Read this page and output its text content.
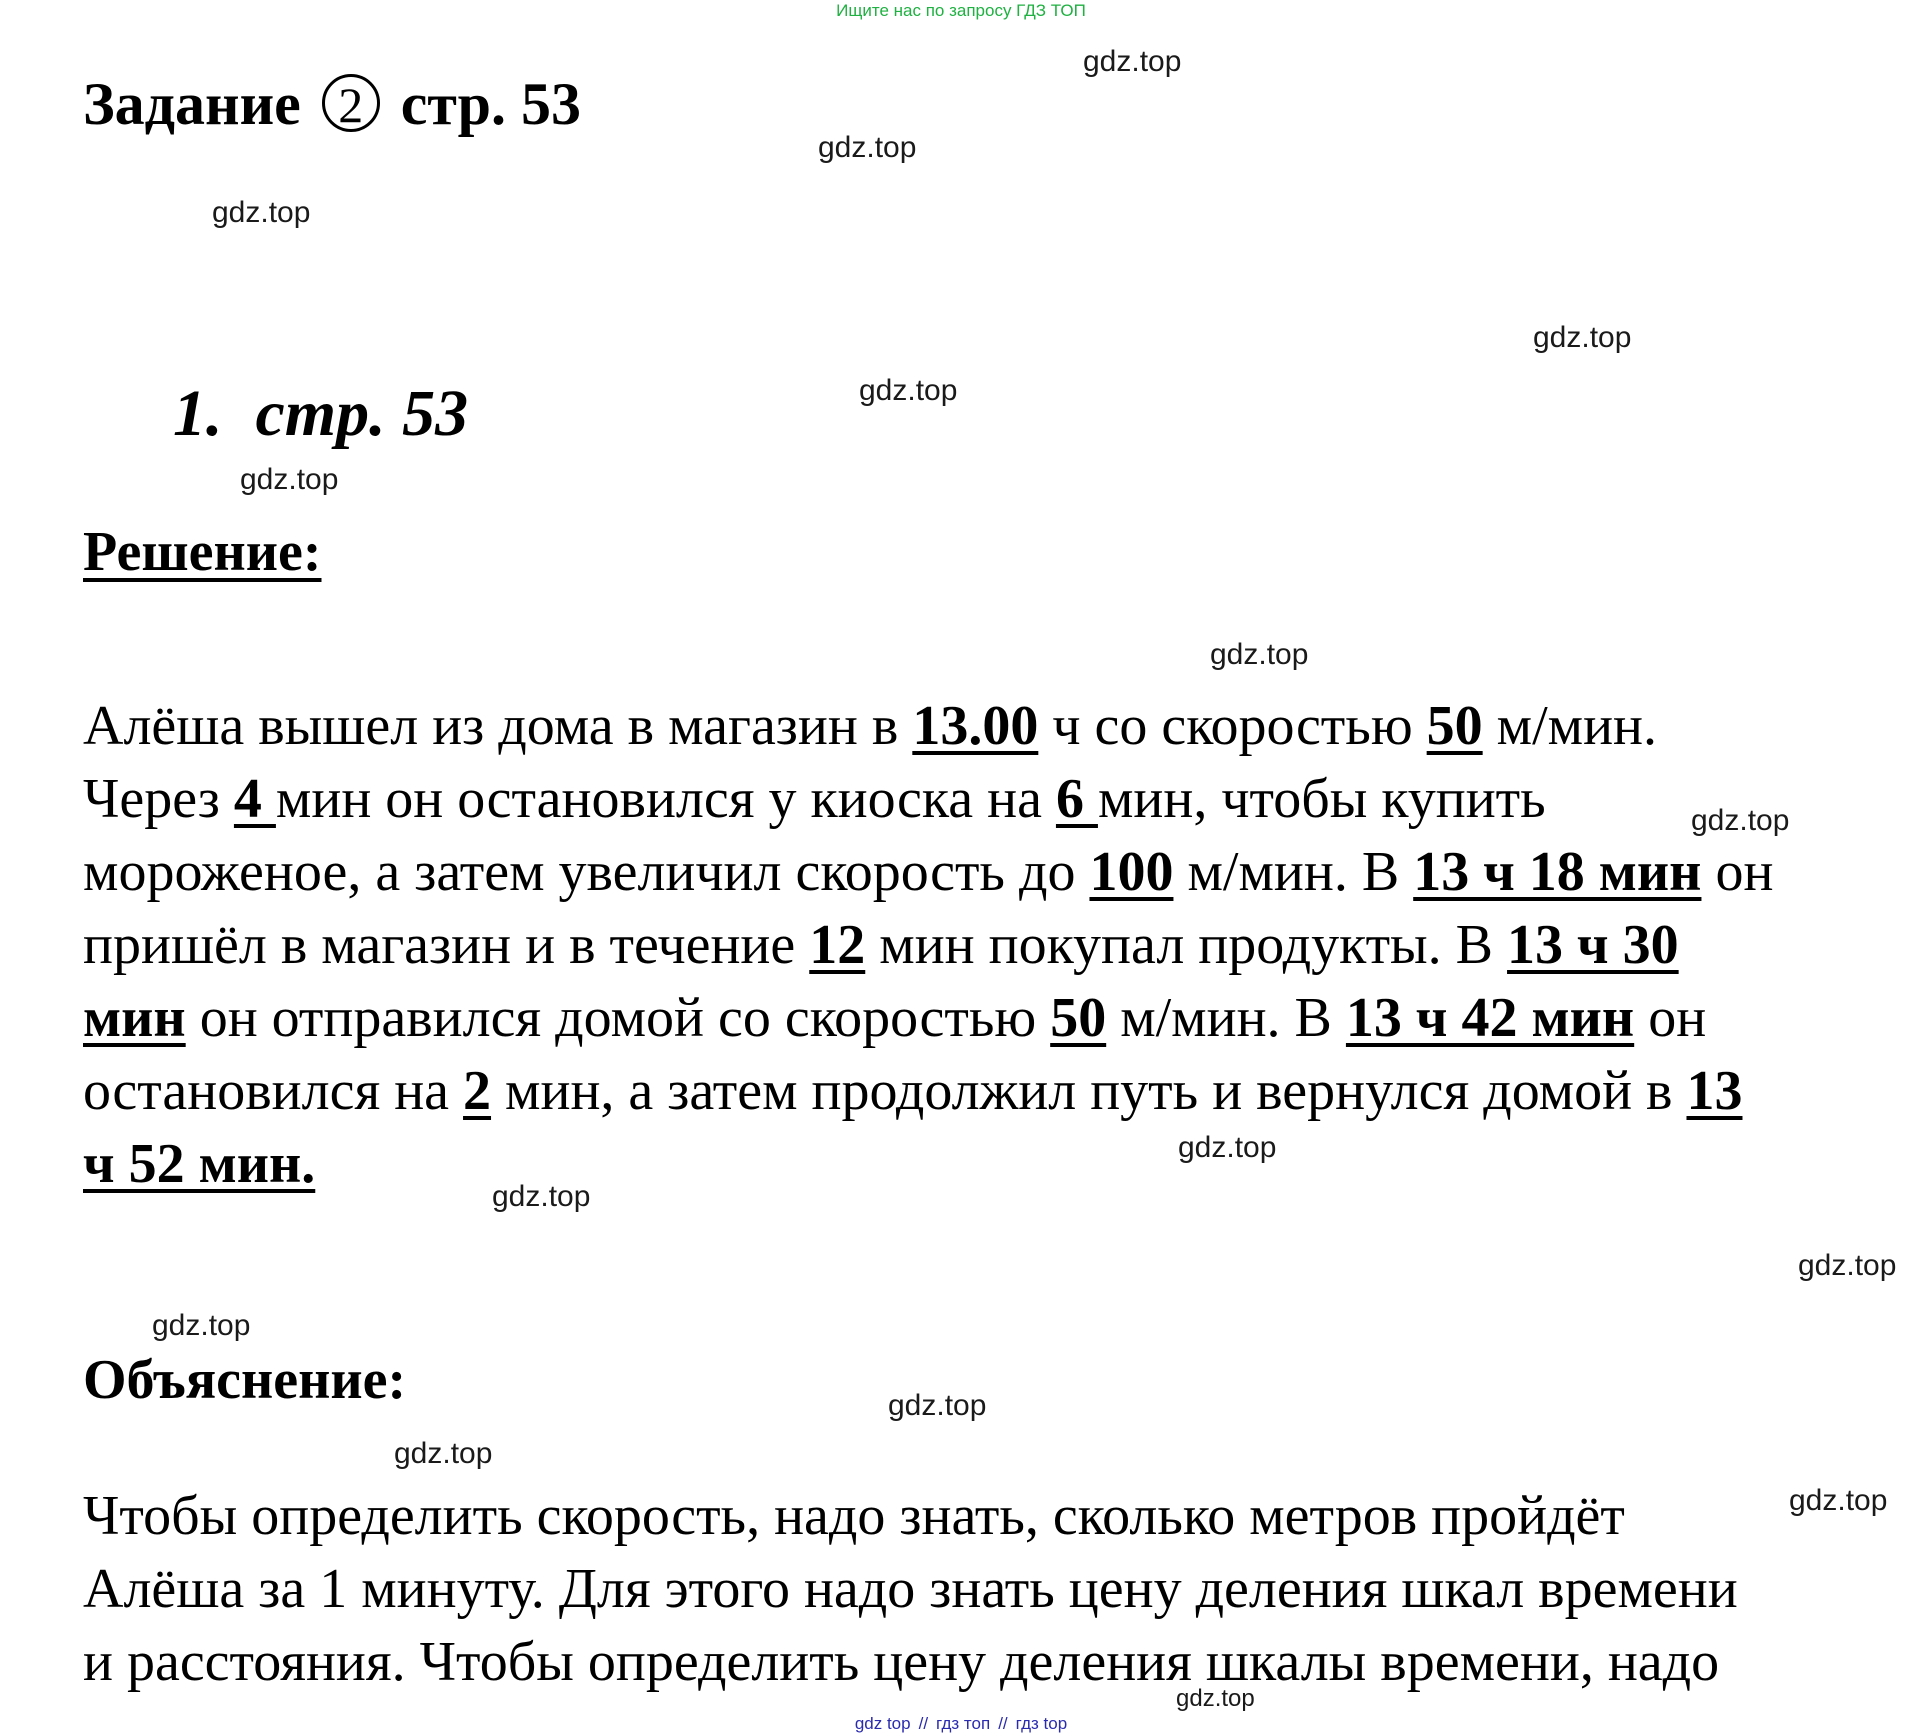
Ищите нас по запросу ГДЗ ТОП
Задание 2 стр. 53
1. стр. 53
Решение:
Алёша вышел из дома в магазин в 13.00 ч со скоростью 50 м/мин.
Через 4 мин он остановился у киоска на 6 мин, чтобы купить
мороженое, а затем увеличил скорость до 100 м/мин. В 13 ч 18 мин он
пришёл в магазин и в течение 12 мин покупал продукты. В 13 ч 30
мин он отправился домой со скоростью 50 м/мин. В 13 ч 42 мин он
остановился на 2 мин, а затем продолжил путь и вернулся домой в 13
ч 52 мин.
Объяснение:
Чтобы определить скорость, надо знать, сколько метров пройдёт
Алёша за 1 минуту. Для этого надо знать цену деления шкал времени
и расстояния. Чтобы определить цену деления шкалы времени, надо
gdz.top
gdz.top
gdz.top
gdz.top
gdz.top
gdz.top
gdz.top
gdz.top
gdz.top
gdz.top
gdz.top
gdz.top
gdz.top
gdz.top
gdz.top
gdz.top
gdz top // гдз топ // гдз top
